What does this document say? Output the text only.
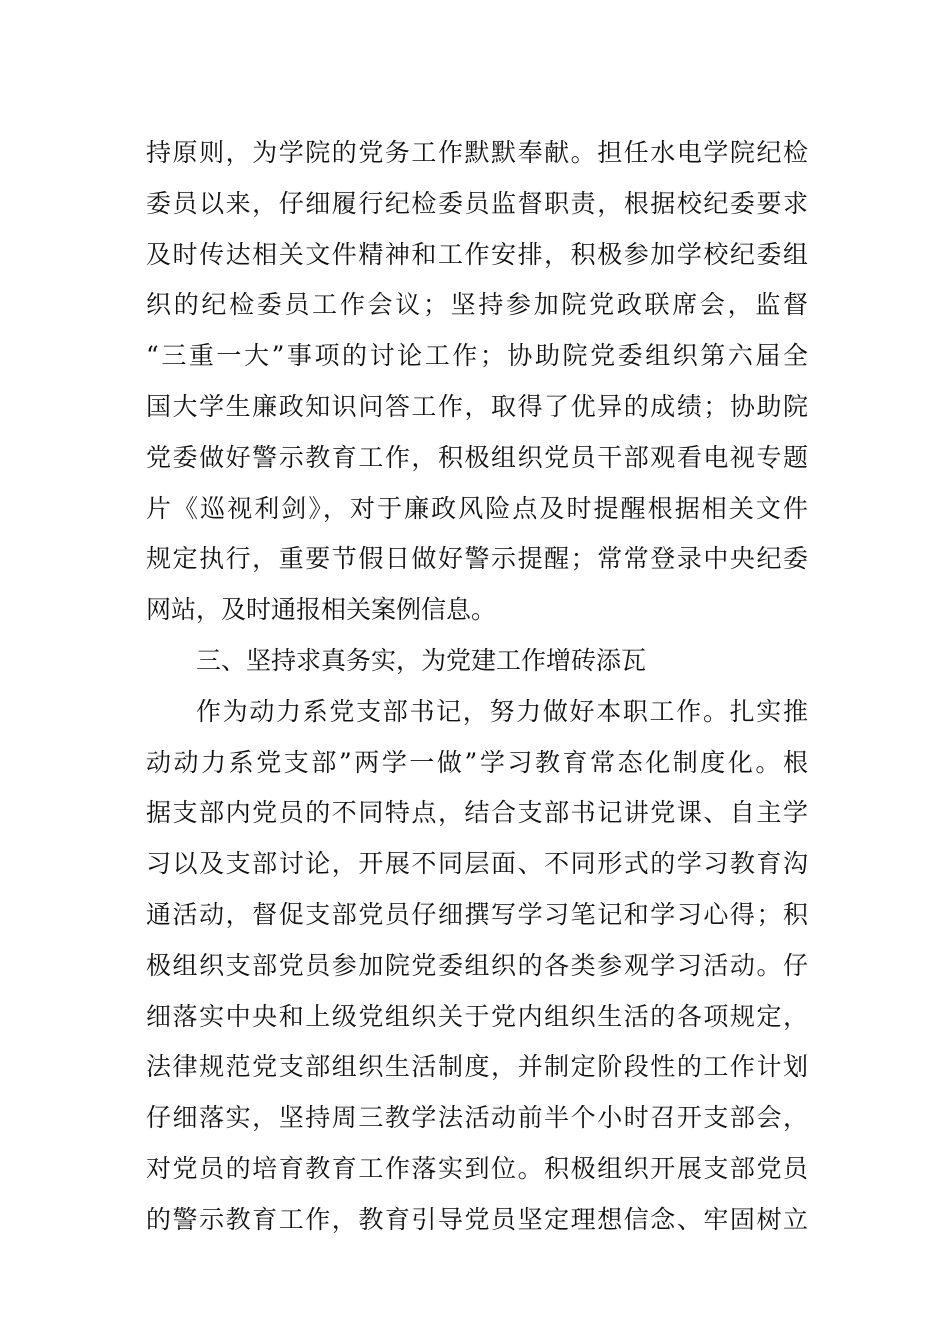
持原则，为学院的党务工作默默奉献。担任水电学院纪检
委员以来，仔细履行纪检委员监督职责，根据校纪委要求
及时传达相关文件精神和工作安排，积极参加学校纪委组
织的纪检委员工作会议；坚持参加院党政联席会，监督
“三重一大”事项的讨论工作；协助院党委组织第六届全
国大学生廉政知识问答工作，取得了优异的成绩；协助院
党委做好警示教育工作，积极组织党员干部观看电视专题
片《巡视利剑》，对于廉政风险点及时提醒根据相关文件
规定执行，重要节假日做好警示提醒；常常登录中央纪委
网站，及时通报相关案例信息。
三、坚持求真务实，为党建工作增砖添瓦
作为动力系党支部书记，努力做好本职工作。扎实推
动动力系党支部”两学一做”学习教育常态化制度化。根
据支部内党员的不同特点，结合支部书记讲党课、自主学
习以及支部讨论，开展不同层面、不同形式的学习教育沟
通活动，督促支部党员仔细撰写学习笔记和学习心得；积
极组织支部党员参加院党委组织的各类参观学习活动。仔
细落实中央和上级党组织关于党内组织生活的各项规定，
法律规范党支部组织生活制度，并制定阶段性的工作计划
仔细落实，坚持周三教学法活动前半个小时召开支部会，
对党员的培育教育工作落实到位。积极组织开展支部党员
的警示教育工作，教育引导党员坚定理想信念、牢固树立
